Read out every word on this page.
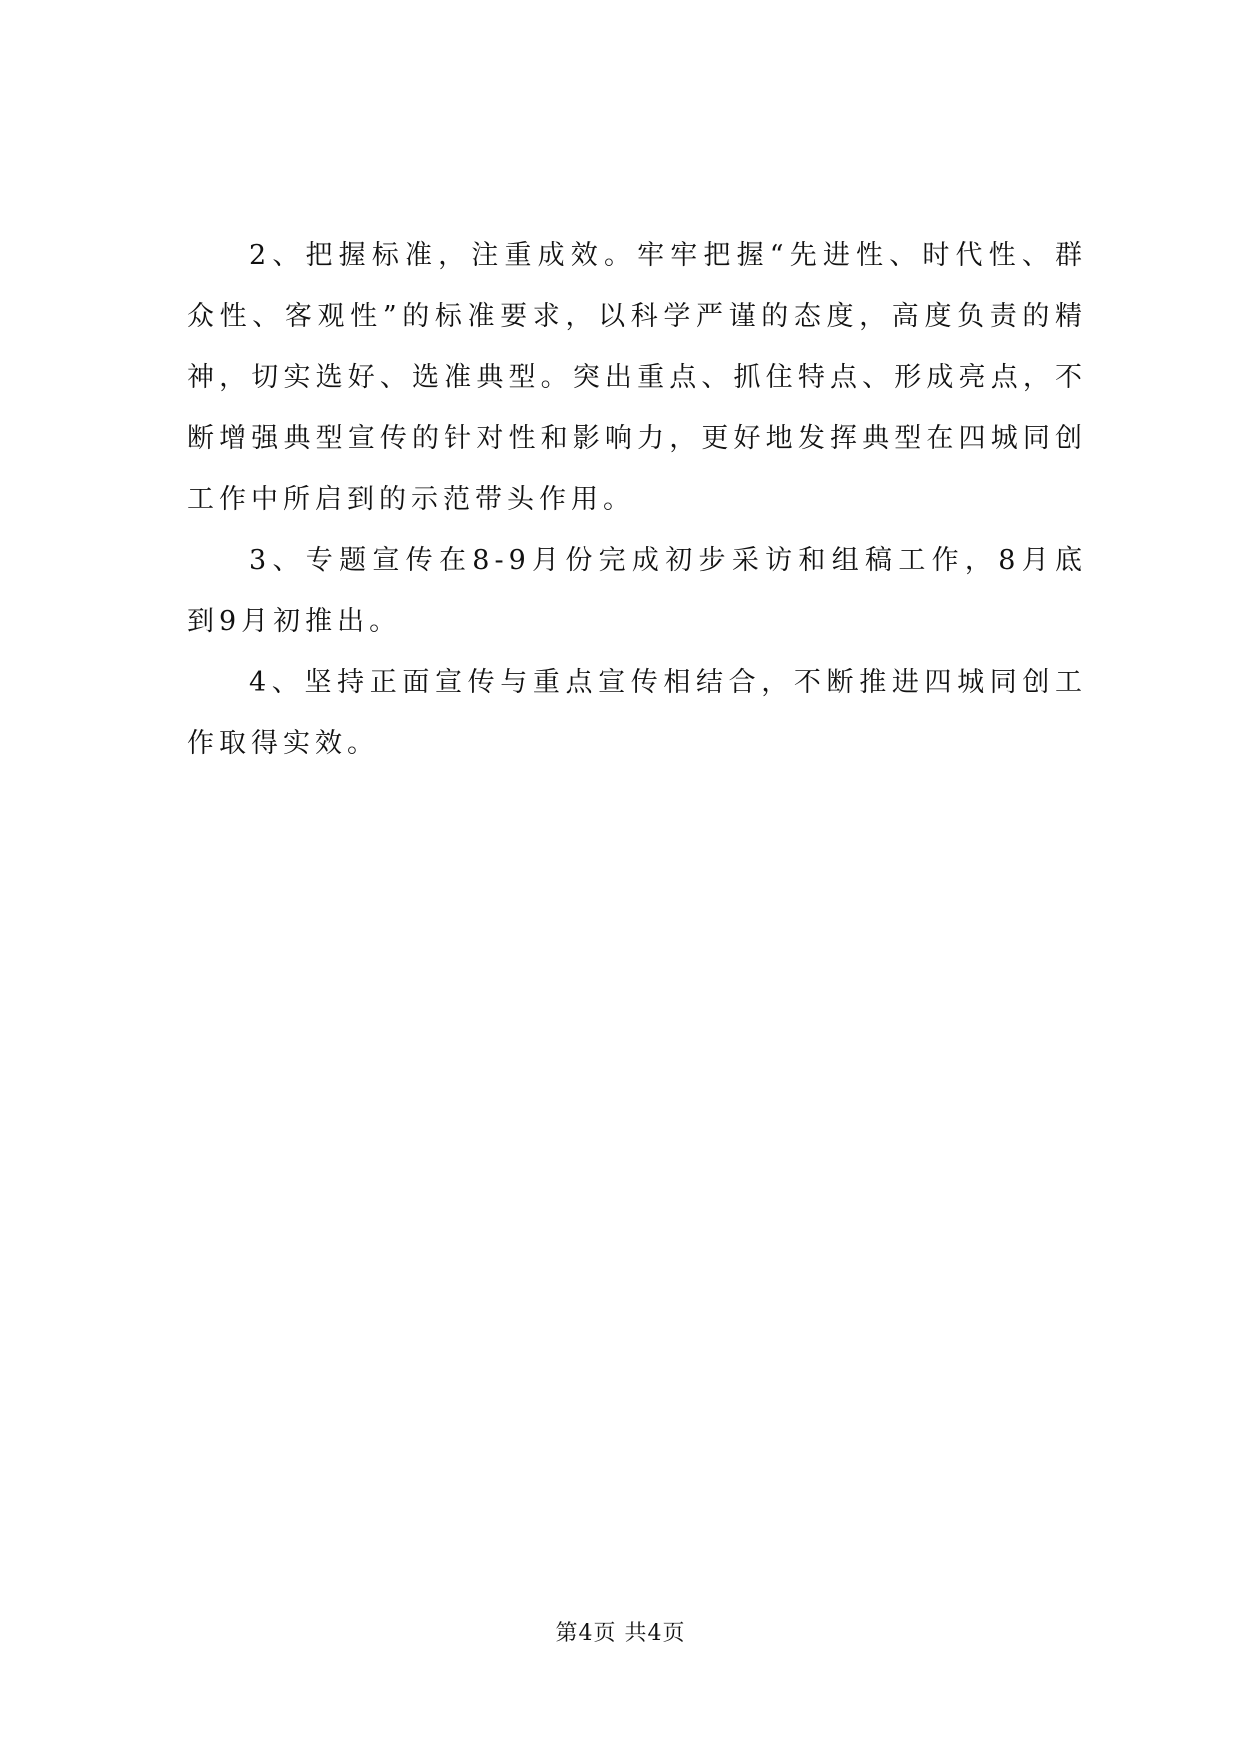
2、把握标准，注重成效。牢牢把握“先进性、时代性、群众性、客观性”的标准要求，以科学严谨的态度，高度负责的精神，切实选好、选准典型。突出重点、抓住特点、形成亮点，不断增强典型宣传的针对性和影响力，更好地发挥典型在四城同创工作中所启到的示范带头作用。

3、专题宣传在8-9月份完成初步采访和组稿工作，8月底到9月初推出。

4、坚持正面宣传与重点宣传相结合，不断推进四城同创工作取得实效。

第4页 共4页
